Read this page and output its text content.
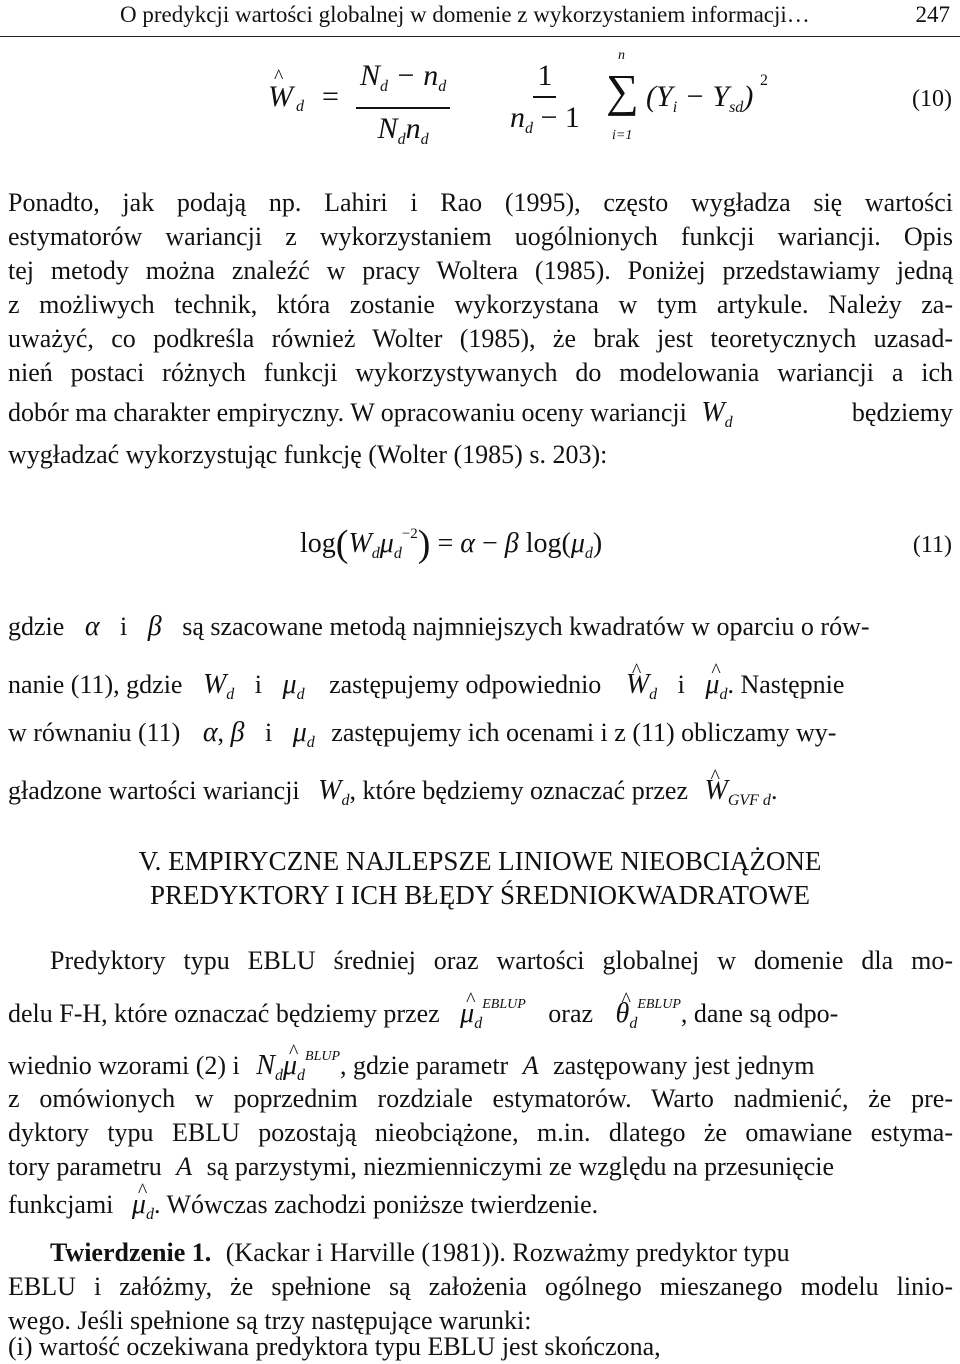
O predykcji wartości globalnej w domenie z wykorzystaniem informacji…	247
^ W d =
$N_d - n_d$
$N_dn_d$	$\frac{1}{n_d - 1}$ ∑
n
i=1
$(Y_i - Y_{sd})$ 2
(10)
Ponadto, jak podają np. Lahiri i Rao (1995), często wygładza się wartości
estymatorów wariancji z wykorzystaniem uogólnionych funkcji wariancji. Opis
tej metody można znaleźć w pracy Woltera (1985). Poniżej przedstawiamy jedną
z możliwych technik, która zostanie wykorzystana w tym artykule. Należy za-
uważyć, co podkreśla również Wolter (1985), że brak jest teoretycznych uzasad-
nień postaci różnych funkcji wykorzystywanych do modelowania wariancji a ich
dobór ma charakter empiryczny. W opracowaniu oceny wariancji $W_d$	będziemy
wygładzać wykorzystując funkcję (Wolter (1985) s. 203):
$\log(W_d\mu_d^{-2}) = \alpha - \beta$ $\log(\mu_d)$	(11)
gdzie α i β są szacowane metodą najmniejszych kwadratów w oparciu o rów-
nanie (11), gdzie $W_d$ i $\mu_d$ zastępujemy odpowiednio ^ $W_d$ i ^ $\mu_d$. Następnie
w równaniu (11) α, β i $\mu_d$ zastępujemy ich ocenami i z (11) obliczamy wy-
gładzone wartości wariancji $W_d$, które będziemy oznaczać przez ^ $W_{GVF d}$.
V. EMPIRYCZNE NAJLEPSZE LINIOWE NIEOBCIĄŻONE
PREDYKTORY I ICH BŁĘDY ŚREDNIOKWADRATOWE
Predyktory typu EBLU średniej oraz wartości globalnej w domenie dla mo-
delu F-H, które oznaczać będziemy przez ^ $\mu_d^{EBLUP}$ oraz ^ $\theta_d^{EBLUP}$, dane są odpo-
wiednio wzorami (2) i $N_d\^{}$ $\mu_d^{BLUP}$, gdzie parametr A zastępowany jest jednym
z omówionych w poprzednim rozdziale estymatorów. Warto nadmienić, że pre-
dyktory typu EBLU pozostają nieobciążone, m.in. dlatego że omawiane estyma-
tory parametru A są parzystymi, niezmienniczymi ze względu na przesunięcie
funkcjami ^ $\mu_d$. Wówczas zachodzi poniższe twierdzenie.
Twierdzenie 1. (Kackar i Harville (1981)). Rozważmy predyktor typu
EBLU i załóżmy, że spełnione są założenia ogólnego mieszanego modelu linio-
wego. Jeśli spełnione są trzy następujące warunki:
(i) wartość oczekiwana predyktora typu EBLU jest skończona,
